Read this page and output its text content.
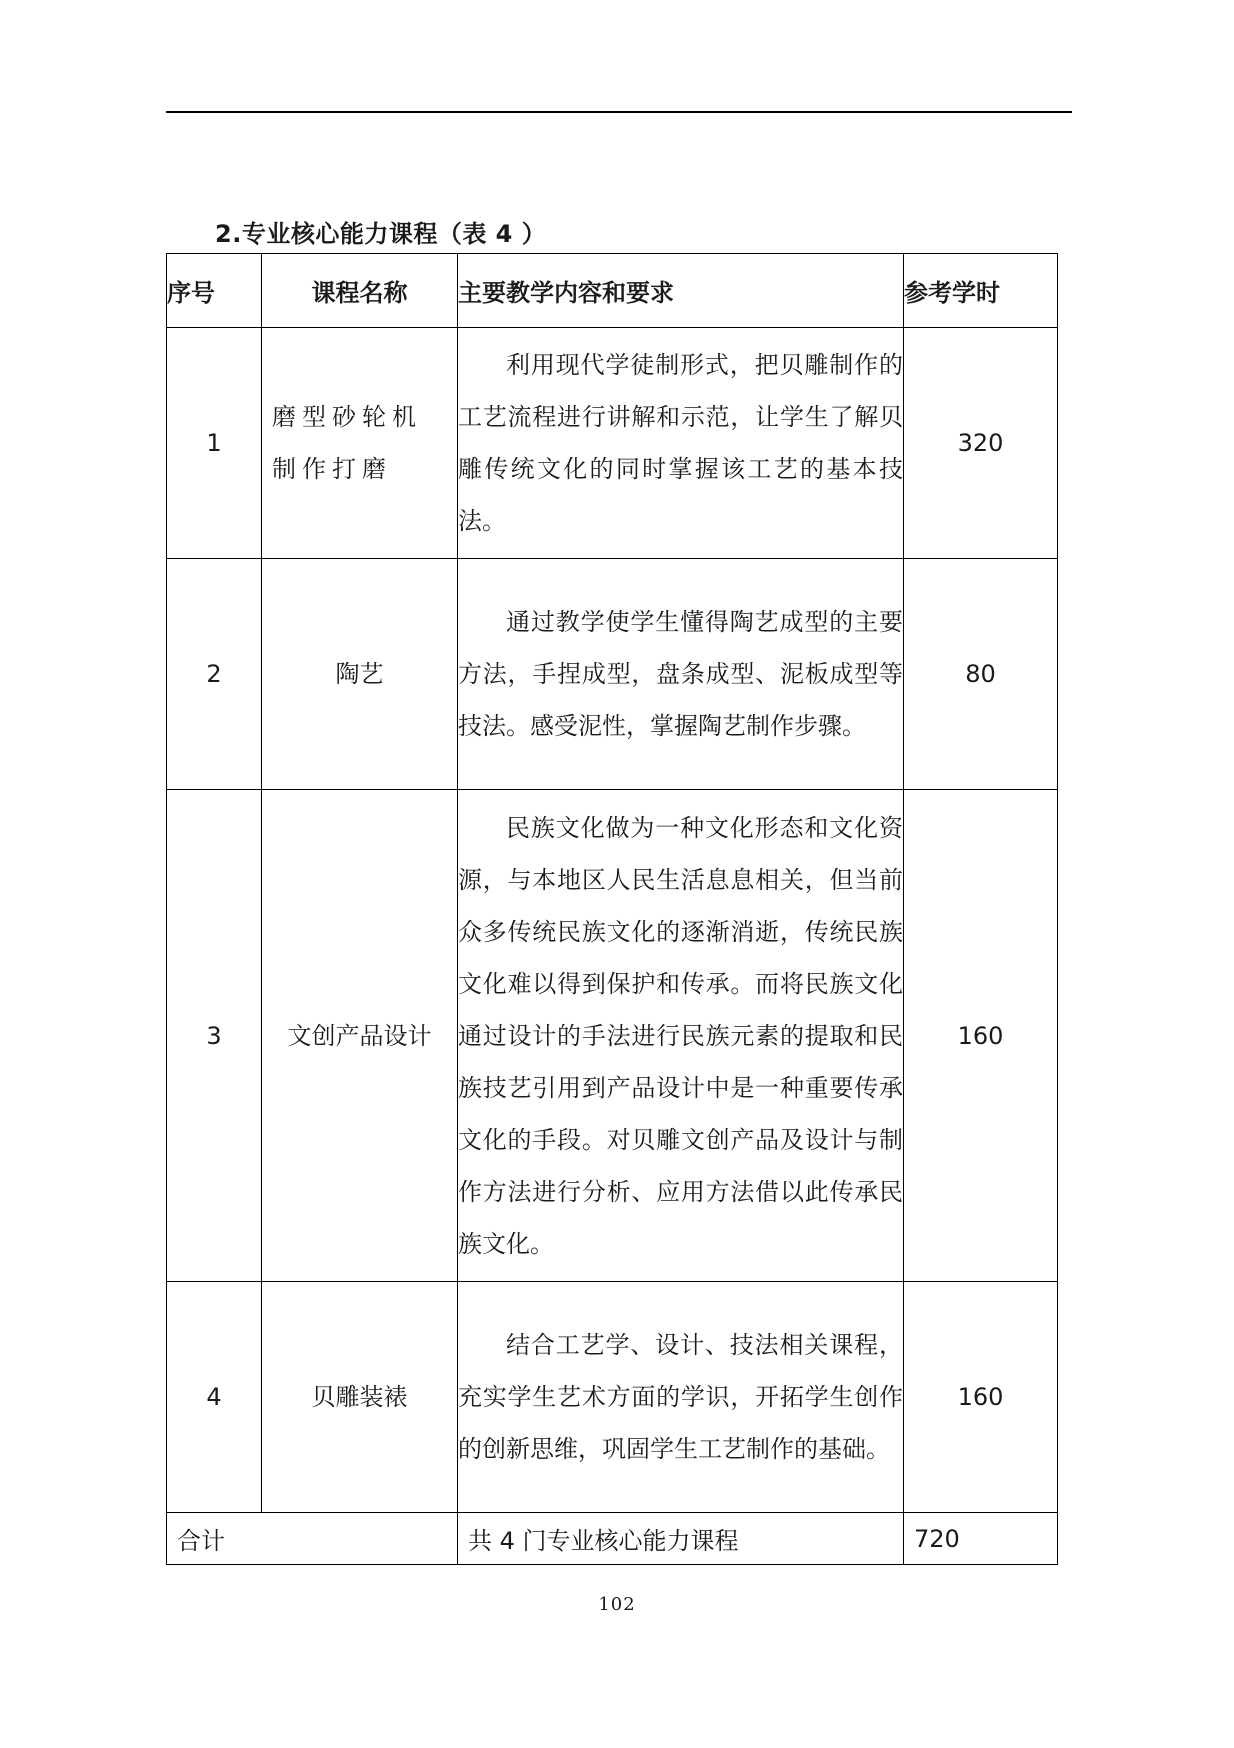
2.专业核心能力课程（表 4 ）
序号	课程名称	主要教学内容和要求	参考学时
1	磨型砂轮机制作打磨	利用现代学徒制形式，把贝雕制作的工艺流程进行讲解和示范，让学生了解贝雕传统文化的同时掌握该工艺的基本技法。	320
2	陶艺	通过教学使学生懂得陶艺成型的主要方法，手捏成型，盘条成型、泥板成型等技法。感受泥性，掌握陶艺制作步骤。	80
3	文创产品设计	民族文化做为一种文化形态和文化资源，与本地区人民生活息息相关，但当前众多传统民族文化的逐渐消逝，传统民族文化难以得到保护和传承。而将民族文化通过设计的手法进行民族元素的提取和民族技艺引用到产品设计中是一种重要传承文化的手段。对贝雕文创产品及设计与制作方法进行分析、应用方法借以此传承民族文化。	160
4	贝雕装裱	结合工艺学、设计、技法相关课程，充实学生艺术方面的学识，开拓学生创作的创新思维，巩固学生工艺制作的基础。	160
合计		共 4 门专业核心能力课程	720
102
